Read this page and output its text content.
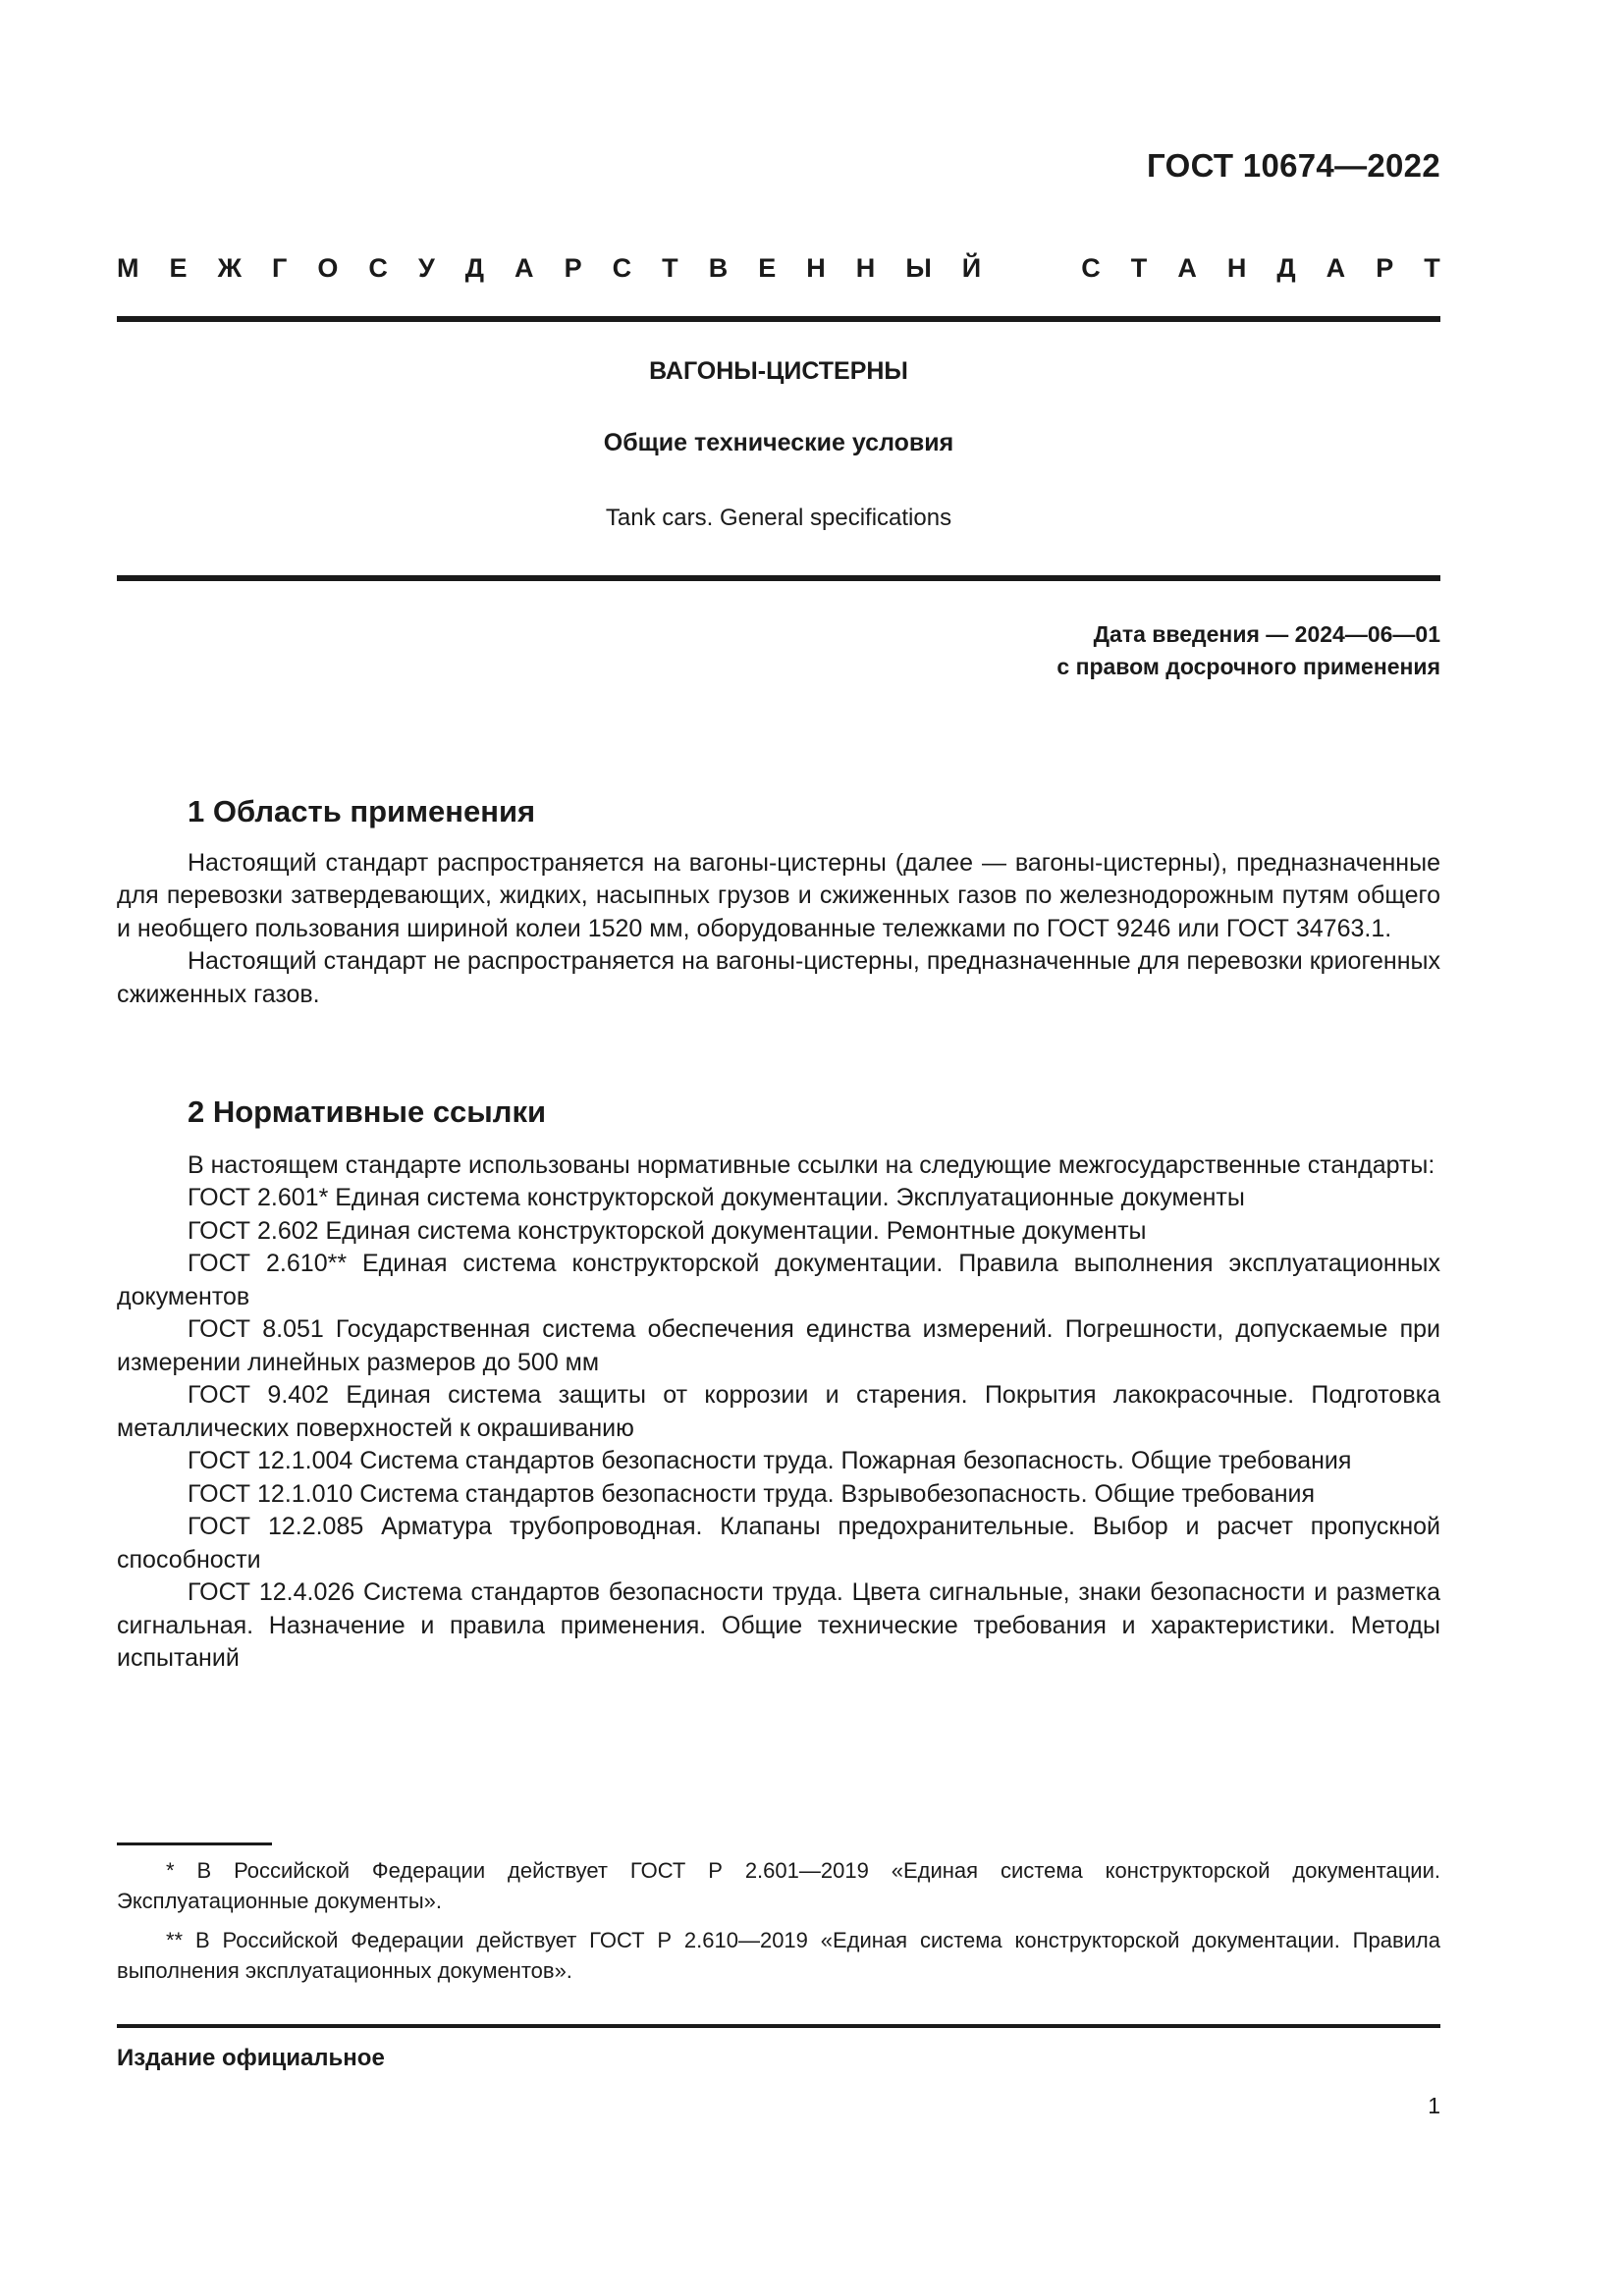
ГОСТ 10674—2022
М Е Ж Г О С У Д А Р С Т В Е Н Н Ы Й	С Т А Н Д А Р Т
ВАГОНЫ-ЦИСТЕРНЫ
Общие технические условия
Tank cars. General specifications
Дата введения — 2024—06—01
с правом досрочного применения
1 Область применения

Настоящий стандарт распространяется на вагоны-цистерны (далее — вагоны-цистерны), предназначенные для перевозки затвердевающих, жидких, насыпных грузов и сжиженных газов по железнодорожным путям общего и необщего пользования шириной колеи 1520 мм, оборудованные тележками по ГОСТ 9246 или ГОСТ 34763.1.

Настоящий стандарт не распространяется на вагоны-цистерны, предназначенные для перевозки криогенных сжиженных газов.

2 Нормативные ссылки

В настоящем стандарте использованы нормативные ссылки на следующие межгосударственные стандарты:

ГОСТ 2.601* Единая система конструкторской документации. Эксплуатационные документы

ГОСТ 2.602 Единая система конструкторской документации. Ремонтные документы

ГОСТ 2.610** Единая система конструкторской документации. Правила выполнения эксплуатационных документов

ГОСТ 8.051 Государственная система обеспечения единства измерений. Погрешности, допускаемые при измерении линейных размеров до 500 мм

ГОСТ 9.402 Единая система защиты от коррозии и старения. Покрытия лакокрасочные. Подготовка металлических поверхностей к окрашиванию

ГОСТ 12.1.004 Система стандартов безопасности труда. Пожарная безопасность. Общие требования

ГОСТ 12.1.010 Система стандартов безопасности труда. Взрывобезопасность. Общие требования

ГОСТ 12.2.085 Арматура трубопроводная. Клапаны предохранительные. Выбор и расчет пропускной способности

ГОСТ 12.4.026 Система стандартов безопасности труда. Цвета сигнальные, знаки безопасности и разметка сигнальная. Назначение и правила применения. Общие технические требования и характеристики. Методы испытаний

* В Российской Федерации действует ГОСТ Р 2.601—2019 «Единая система конструкторской документации. Эксплуатационные документы».

** В Российской Федерации действует ГОСТ Р 2.610—2019 «Единая система конструкторской документации. Правила выполнения эксплуатационных документов».

Издание официальное
1
